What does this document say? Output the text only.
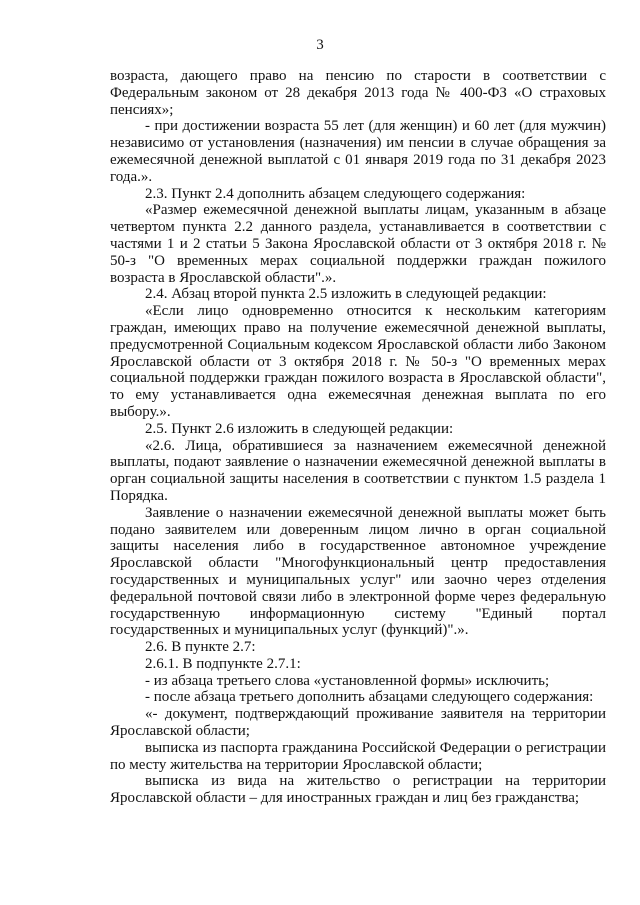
3

возраста, дающего право на пенсию по старости в соответствии с Федеральным законом от 28 декабря 2013 года № 400-ФЗ «О страховых пенсиях»;

- при достижении возраста 55 лет (для женщин) и 60 лет (для мужчин) независимо от установления (назначения) им пенсии в случае обращения за ежемесячной денежной выплатой с 01 января 2019 года по 31 декабря 2023 года.».

2.3. Пункт 2.4 дополнить абзацем следующего содержания:

«Размер ежемесячной денежной выплаты лицам, указанным в абзаце четвертом пункта 2.2 данного раздела, устанавливается в соответствии с частями 1 и 2 статьи 5 Закона Ярославской области от 3 октября 2018 г. № 50-з "О временных мерах социальной поддержки граждан пожилого возраста в Ярославской области".».

2.4. Абзац второй пункта 2.5 изложить в следующей редакции:

«Если лицо одновременно относится к нескольким категориям граждан, имеющих право на получение ежемесячной денежной выплаты, предусмотренной Социальным кодексом Ярославской области либо Законом Ярославской области от 3 октября 2018 г. № 50-з "О временных мерах социальной поддержки граждан пожилого возраста в Ярославской области", то ему устанавливается одна ежемесячная денежная выплата по его выбору.».

2.5. Пункт 2.6 изложить в следующей редакции:

«2.6. Лица, обратившиеся за назначением ежемесячной денежной выплаты, подают заявление о назначении ежемесячной денежной выплаты в орган социальной защиты населения в соответствии с пунктом 1.5 раздела 1 Порядка.

Заявление о назначении ежемесячной денежной выплаты может быть подано заявителем или доверенным лицом лично в орган социальной защиты населения либо в государственное автономное учреждение Ярославской области "Многофункциональный центр предоставления государственных и муниципальных услуг" или заочно через отделения федеральной почтовой связи либо в электронной форме через федеральную государственную информационную систему "Единый портал государственных и муниципальных услуг (функций)".».

2.6. В пункте 2.7:

2.6.1. В подпункте 2.7.1:

- из абзаца третьего слова «установленной формы» исключить;

- после абзаца третьего дополнить абзацами следующего содержания:

«- документ, подтверждающий проживание заявителя на территории Ярославской области;

выписка из паспорта гражданина Российской Федерации о регистрации по месту жительства на территории Ярославской области;

выписка из вида на жительство о регистрации на территории Ярославской области – для иностранных граждан и лиц без гражданства;
